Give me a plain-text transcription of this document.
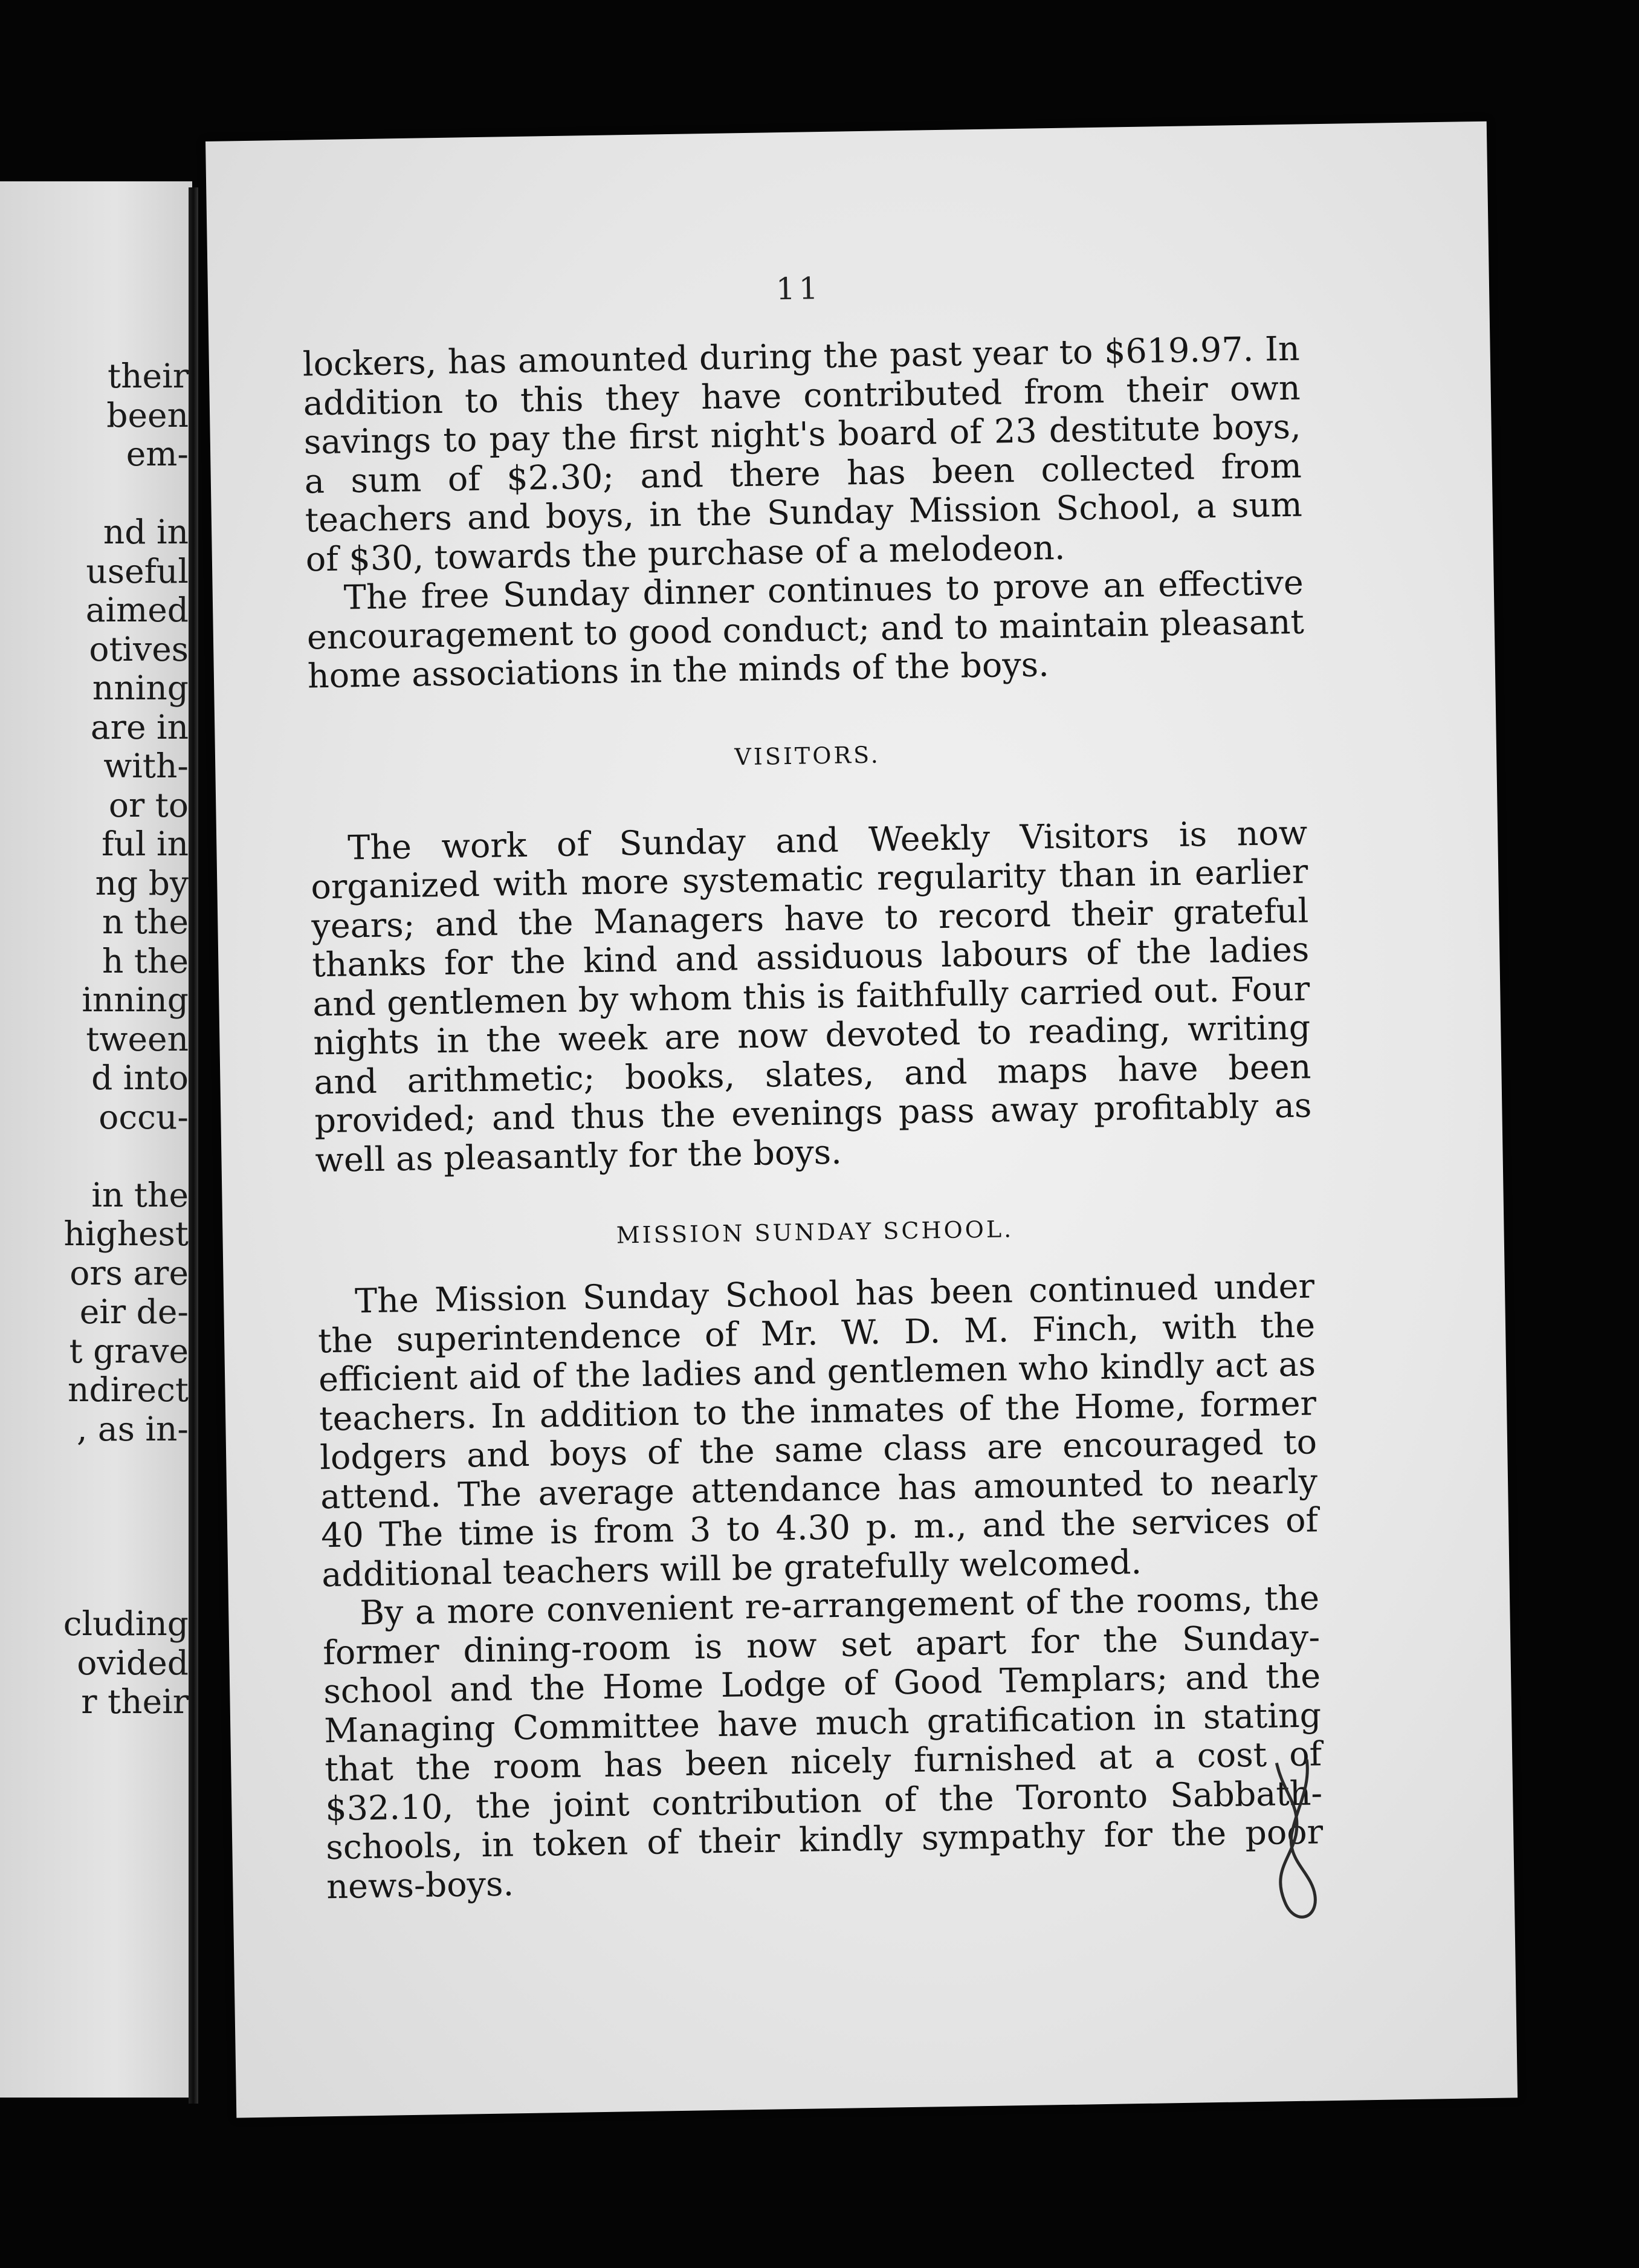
their
been
em-
nd in
useful
aimed
otives
nning
are in
with-
or to
ful in
ng by
n the
h the
inning
tween
d into
occu-
in the
highest
ors are
eir de-
t grave
ndirect
, as in-
cluding
ovided
r their
11

lockers, has amounted during the past year to $619.97. In addition to this they have contributed from their own savings to pay the first night's board of 23 destitute boys, a sum of $2.30; and there has been collected from teachers and boys, in the Sunday Mission School, a sum of $30, towards the purchase of a melodeon.

The free Sunday dinner continues to prove an effective encouragement to good conduct; and to maintain pleasant home associations in the minds of the boys.

VISITORS.

The work of Sunday and Weekly Visitors is now organized with more systematic regularity than in earlier years; and the Managers have to record their grateful thanks for the kind and assiduous labours of the ladies and gentlemen by whom this is faithfully carried out. Four nights in the week are now devoted to reading, writing and arithmetic; books, slates, and maps have been provided; and thus the evenings pass away profitably as well as pleasantly for the boys.

MISSION SUNDAY SCHOOL.

The Mission Sunday School has been continued under the superintendence of Mr. W. D. M. Finch, with the efficient aid of the ladies and gentlemen who kindly act as teachers. In addition to the inmates of the Home, former lodgers and boys of the same class are encouraged to attend. The average attendance has amounted to nearly 40 The time is from 3 to 4.30 p. m., and the services of additional teachers will be gratefully welcomed.

By a more convenient re-arrangement of the rooms, the former dining-room is now set apart for the Sunday-school and the Home Lodge of Good Templars; and the Managing Committee have much gratification in stating that the room has been nicely furnished at a cost of $32.10, the joint contribution of the Toronto Sabbath-schools, in token of their kindly sympathy for the poor news-boys.
